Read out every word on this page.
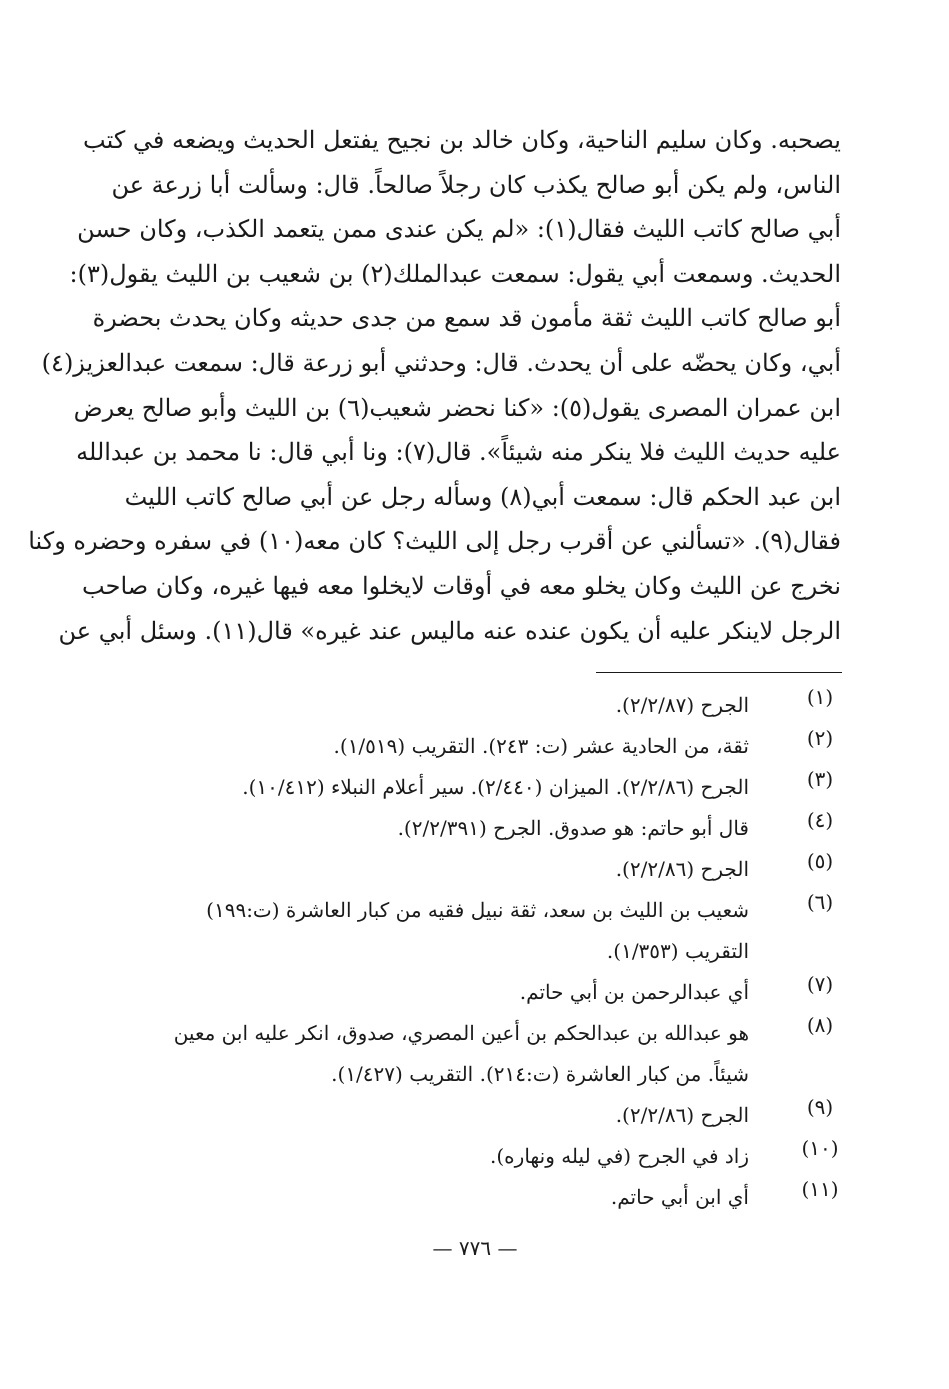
يصحبه. وكان سليم الناحية، وكان خالد بن نجيح يفتعل الحديث ويضعه في كتب
الناس، ولم يكن أبو صالح يكذب كان رجلاً صالحاً. قال: وسألت أبا زرعة عن
أبي صالح كاتب الليث فقال(١): «لم يكن عندى ممن يتعمد الكذب، وكان حسن
الحديث. وسمعت أبي يقول: سمعت عبدالملك(٢) بن شعيب بن الليث يقول(٣):
أبو صالح كاتب الليث ثقة مأمون قد سمع من جدى حديثه وكان يحدث بحضرة
أبي، وكان يحضّه على أن يحدث. قال: وحدثني أبو زرعة قال: سمعت عبدالعزيز(٤)
ابن عمران المصرى يقول(٥): «كنا نحضر شعيب(٦) بن الليث وأبو صالح يعرض
عليه حديث الليث فلا ينكر منه شيئاً». قال(٧): ونا أبي قال: نا محمد بن عبدالله
ابن عبد الحكم قال: سمعت أبي(٨) وسأله رجل عن أبي صالح كاتب الليث
فقال(٩). «تسألني عن أقرب رجل إلى الليث؟ كان معه(١٠) في سفره وحضره وكنا
نخرج عن الليث وكان يخلو معه في أوقات لايخلوا معه فيها غيره، وكان صاحب
الرجل لاينكر عليه أن يكون عنده عنه ماليس عند غيره» قال(١١). وسئل أبي عن
(١)
الجرح (٢/٢/٨٧).
(٢)
ثقة، من الحادية عشر (ت: ٢٤٣). التقريب (١/٥١٩).
(٣)
الجرح (٢/٢/٨٦). الميزان (٢/٤٤٠). سير أعلام النبلاء (١٠/٤١٢).
(٤)
قال أبو حاتم: هو صدوق. الجرح (٢/٢/٣٩١).
(٥)
الجرح (٢/٢/٨٦).
(٦)
شعيب بن الليث بن سعد، ثقة نبيل فقيه من كبار العاشرة (ت:١٩٩)
التقريب (١/٣٥٣).
(٧)
أي عبدالرحمن بن أبي حاتم.
(٨)
هو عبدالله بن عبدالحكم بن أعين المصري، صدوق، انكر عليه ابن معين
شيئاً. من كبار العاشرة (ت:٢١٤). التقريب (١/٤٢٧).
(٩)
الجرح (٢/٢/٨٦).
(١٠)
زاد في الجرح (في ليله ونهاره).
(١١)
أي ابن أبي حاتم.
— ٧٧٦ —
